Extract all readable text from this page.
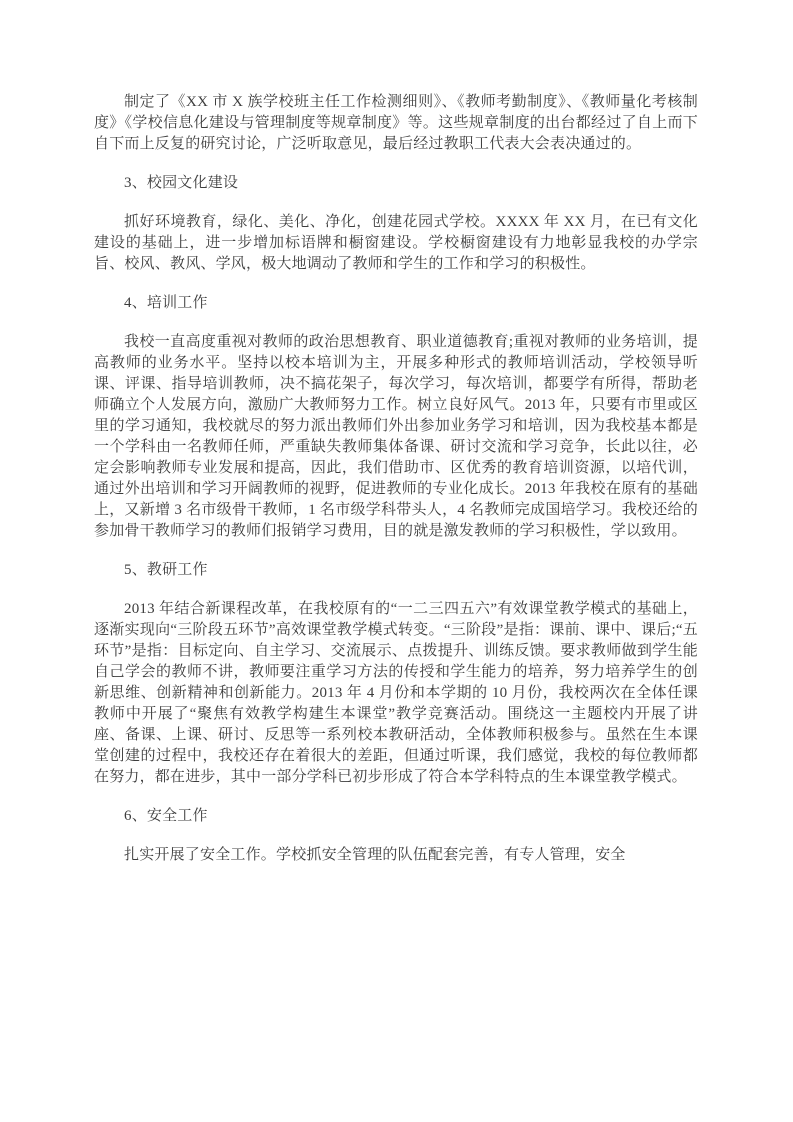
制定了《XX 市 X 族学校班主任工作检测细则》、《教师考勤制度》、《教师量化考核制度》《学校信息化建设与管理制度等规章制度》等。这些规章制度的出台都经过了自上而下自下而上反复的研究讨论，广泛听取意见，最后经过教职工代表大会表决通过的。

3、校园文化建设

抓好环境教育，绿化、美化、净化，创建花园式学校。XXXX 年 XX 月，在已有文化建设的基础上，进一步增加标语牌和橱窗建设。学校橱窗建设有力地彰显我校的办学宗旨、校风、教风、学风，极大地调动了教师和学生的工作和学习的积极性。

4、培训工作

我校一直高度重视对教师的政治思想教育、职业道德教育;重视对教师的业务培训，提高教师的业务水平。坚持以校本培训为主，开展多种形式的教师培训活动，学校领导听课、评课、指导培训教师，决不搞花架子，每次学习，每次培训，都要学有所得，帮助老师确立个人发展方向，激励广大教师努力工作。树立良好风气。2013 年，只要有市里或区里的学习通知，我校就尽的努力派出教师们外出参加业务学习和培训，因为我校基本都是一个学科由一名教师任师，严重缺失教师集体备课、研讨交流和学习竞争，长此以往，必定会影响教师专业发展和提高，因此，我们借助市、区优秀的教育培训资源，以培代训，通过外出培训和学习开阔教师的视野，促进教师的专业化成长。2013 年我校在原有的基础上，又新增 3 名市级骨干教师，1 名市级学科带头人，4 名教师完成国培学习。我校还给的参加骨干教师学习的教师们报销学习费用，目的就是激发教师的学习积极性，学以致用。

5、教研工作

2013 年结合新课程改革，在我校原有的“一二三四五六”有效课堂教学模式的基础上，逐渐实现向“三阶段五环节”高效课堂教学模式转变。“三阶段”是指：课前、课中、课后;“五环节”是指：目标定向、自主学习、交流展示、点拨提升、训练反馈。要求教师做到学生能自己学会的教师不讲，教师要注重学习方法的传授和学生能力的培养，努力培养学生的创新思维、创新精神和创新能力。2013 年 4 月份和本学期的 10 月份，我校两次在全体任课教师中开展了“聚焦有效教学构建生本课堂”教学竞赛活动。围绕这一主题校内开展了讲座、备课、上课、研讨、反思等一系列校本教研活动，全体教师积极参与。虽然在生本课堂创建的过程中，我校还存在着很大的差距，但通过听课，我们感觉，我校的每位教师都在努力，都在进步，其中一部分学科已初步形成了符合本学科特点的生本课堂教学模式。

6、安全工作

扎实开展了安全工作。学校抓安全管理的队伍配套完善，有专人管理，安全
